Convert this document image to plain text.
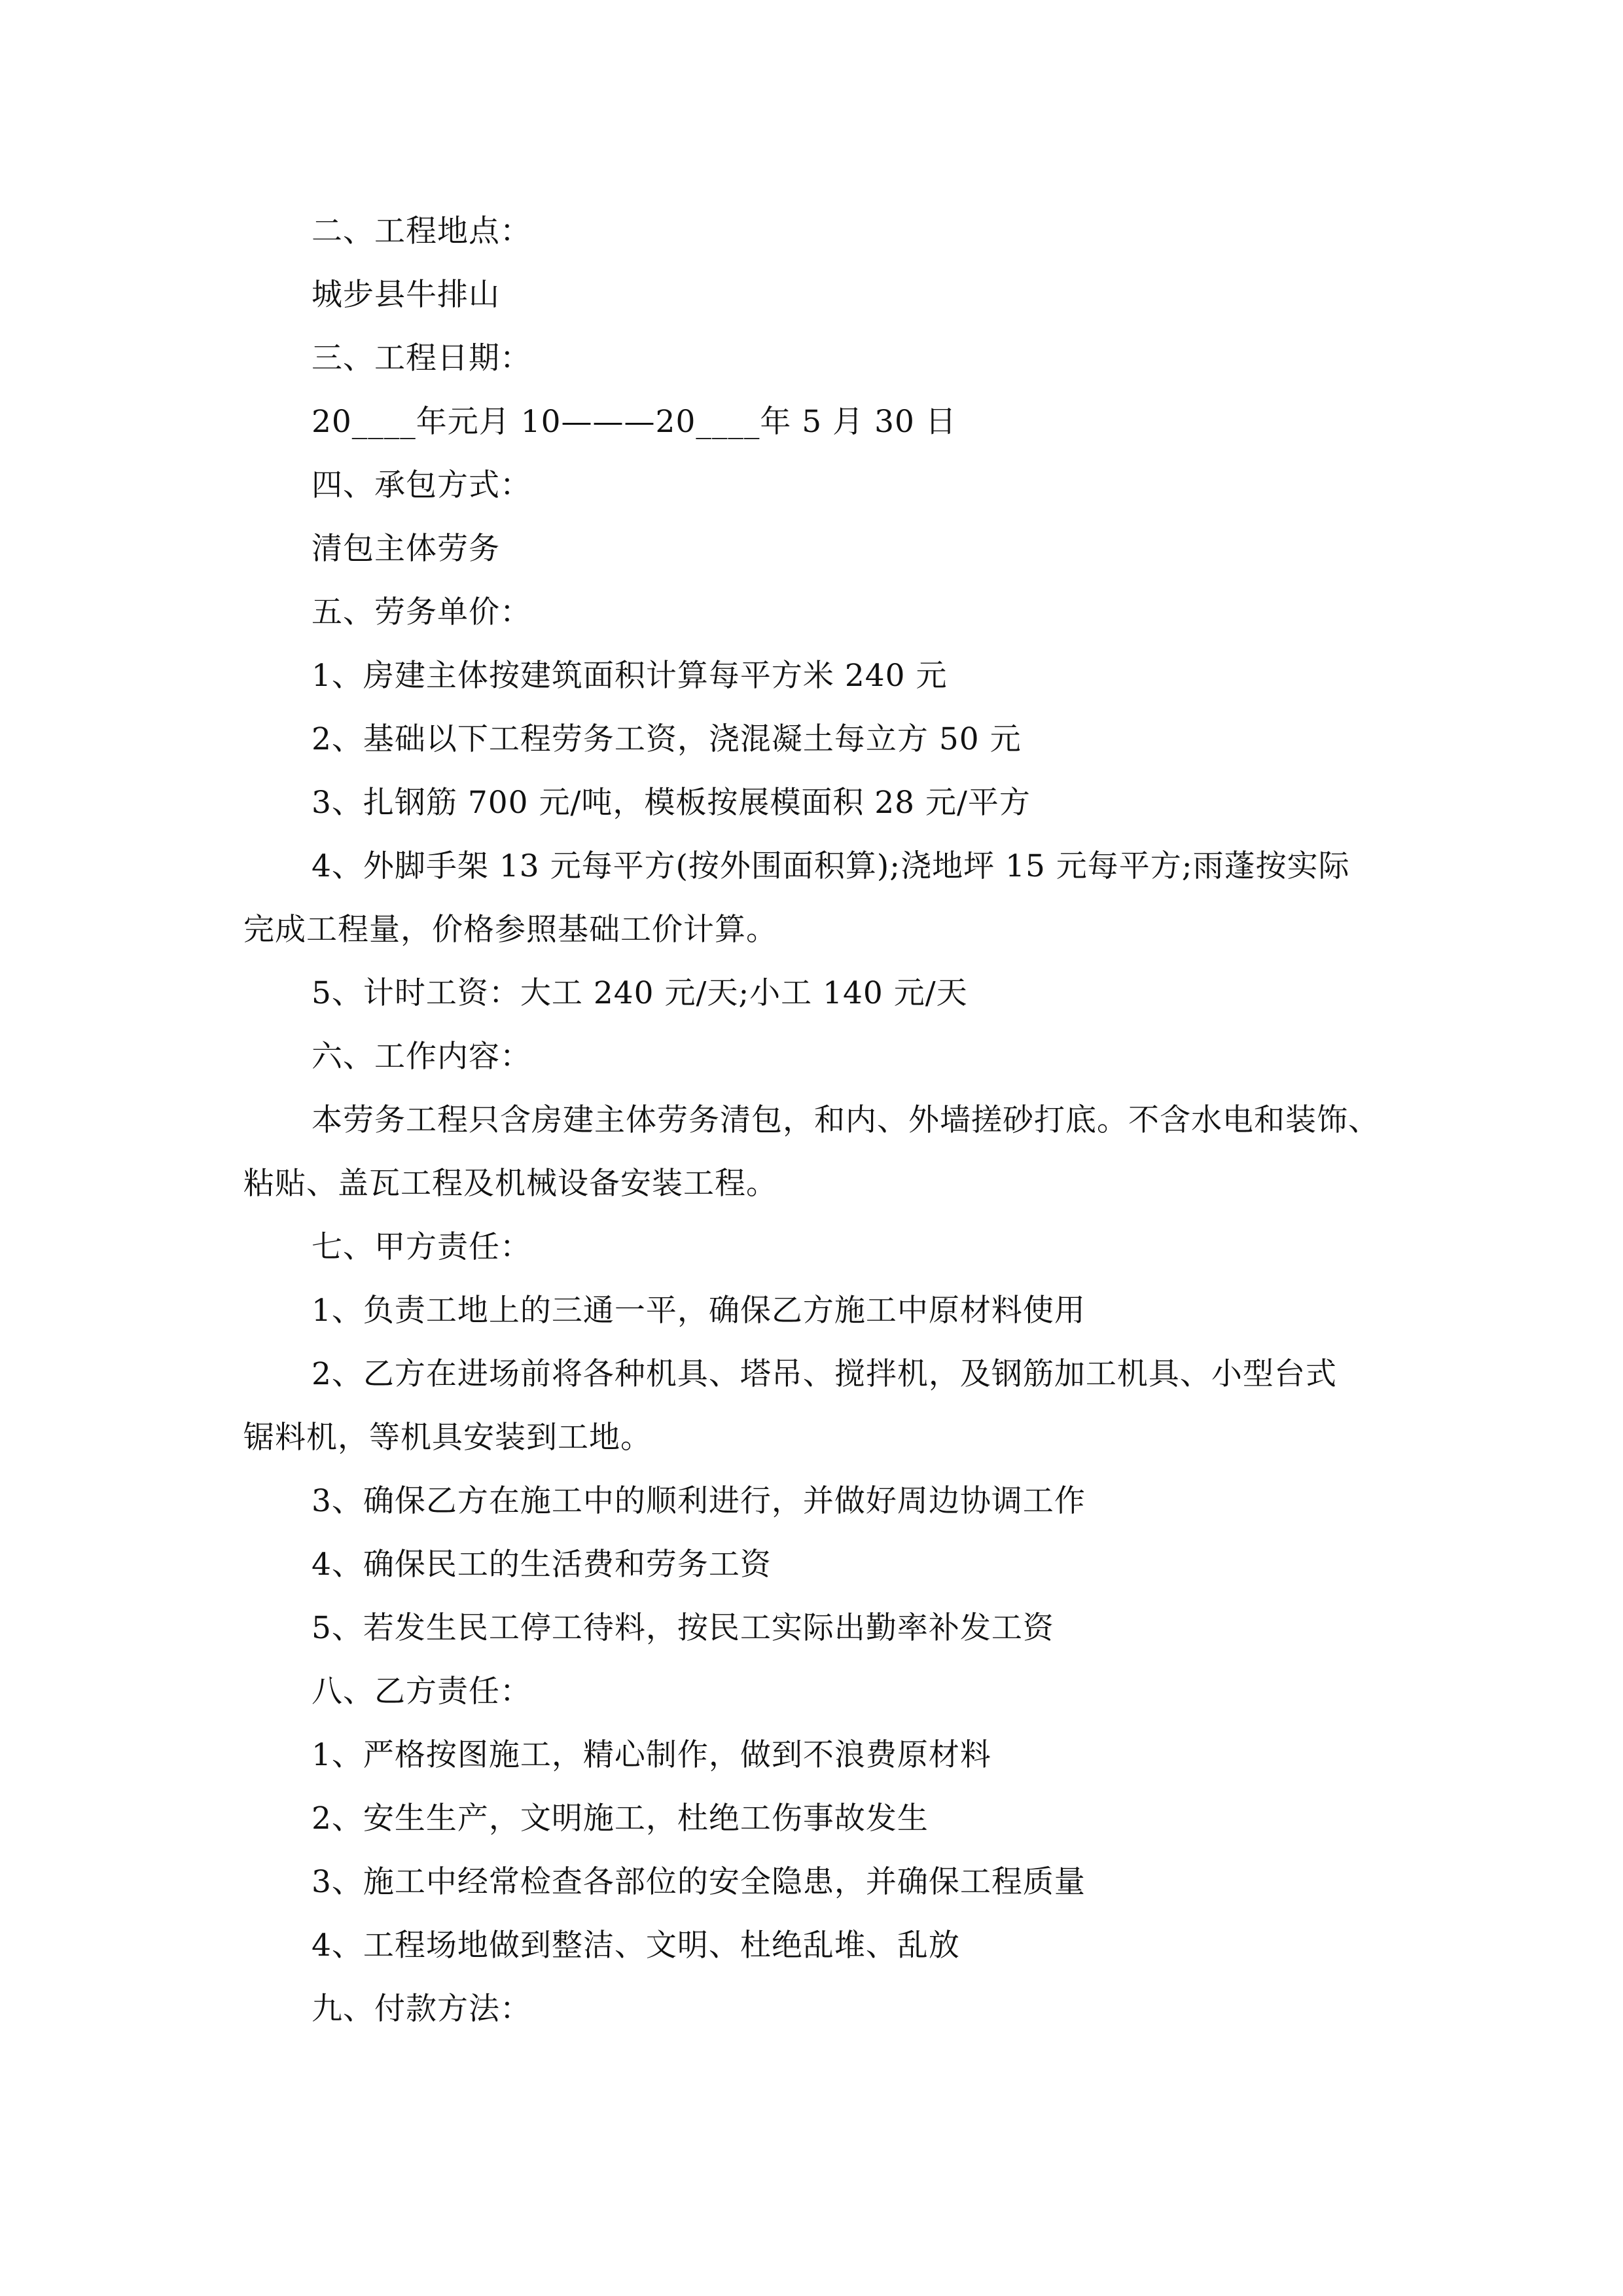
二、工程地点：
城步县牛排山
三、工程日期：
20____年元月 10———20____年 5 月 30 日
四、承包方式：
清包主体劳务
五、劳务单价：
1、房建主体按建筑面积计算每平方米 240 元
2、基础以下工程劳务工资，浇混凝土每立方 50 元
3、扎钢筋 700 元/吨，模板按展模面积 28 元/平方
4、外脚手架 13 元每平方(按外围面积算);浇地坪 15 元每平方;雨蓬按实际
完成工程量，价格参照基础工价计算。
5、计时工资：大工 240 元/天;小工 140 元/天
六、工作内容：
本劳务工程只含房建主体劳务清包，和内、外墙搓砂打底。不含水电和装饰、
粘贴、盖瓦工程及机械设备安装工程。
七、甲方责任：
1、负责工地上的三通一平，确保乙方施工中原材料使用
2、乙方在进场前将各种机具、塔吊、搅拌机，及钢筋加工机具、小型台式
锯料机，等机具安装到工地。
3、确保乙方在施工中的顺利进行，并做好周边协调工作
4、确保民工的生活费和劳务工资
5、若发生民工停工待料，按民工实际出勤率补发工资
八、乙方责任：
1、严格按图施工，精心制作，做到不浪费原材料
2、安生生产，文明施工，杜绝工伤事故发生
3、施工中经常检查各部位的安全隐患，并确保工程质量
4、工程场地做到整洁、文明、杜绝乱堆、乱放
九、付款方法：
